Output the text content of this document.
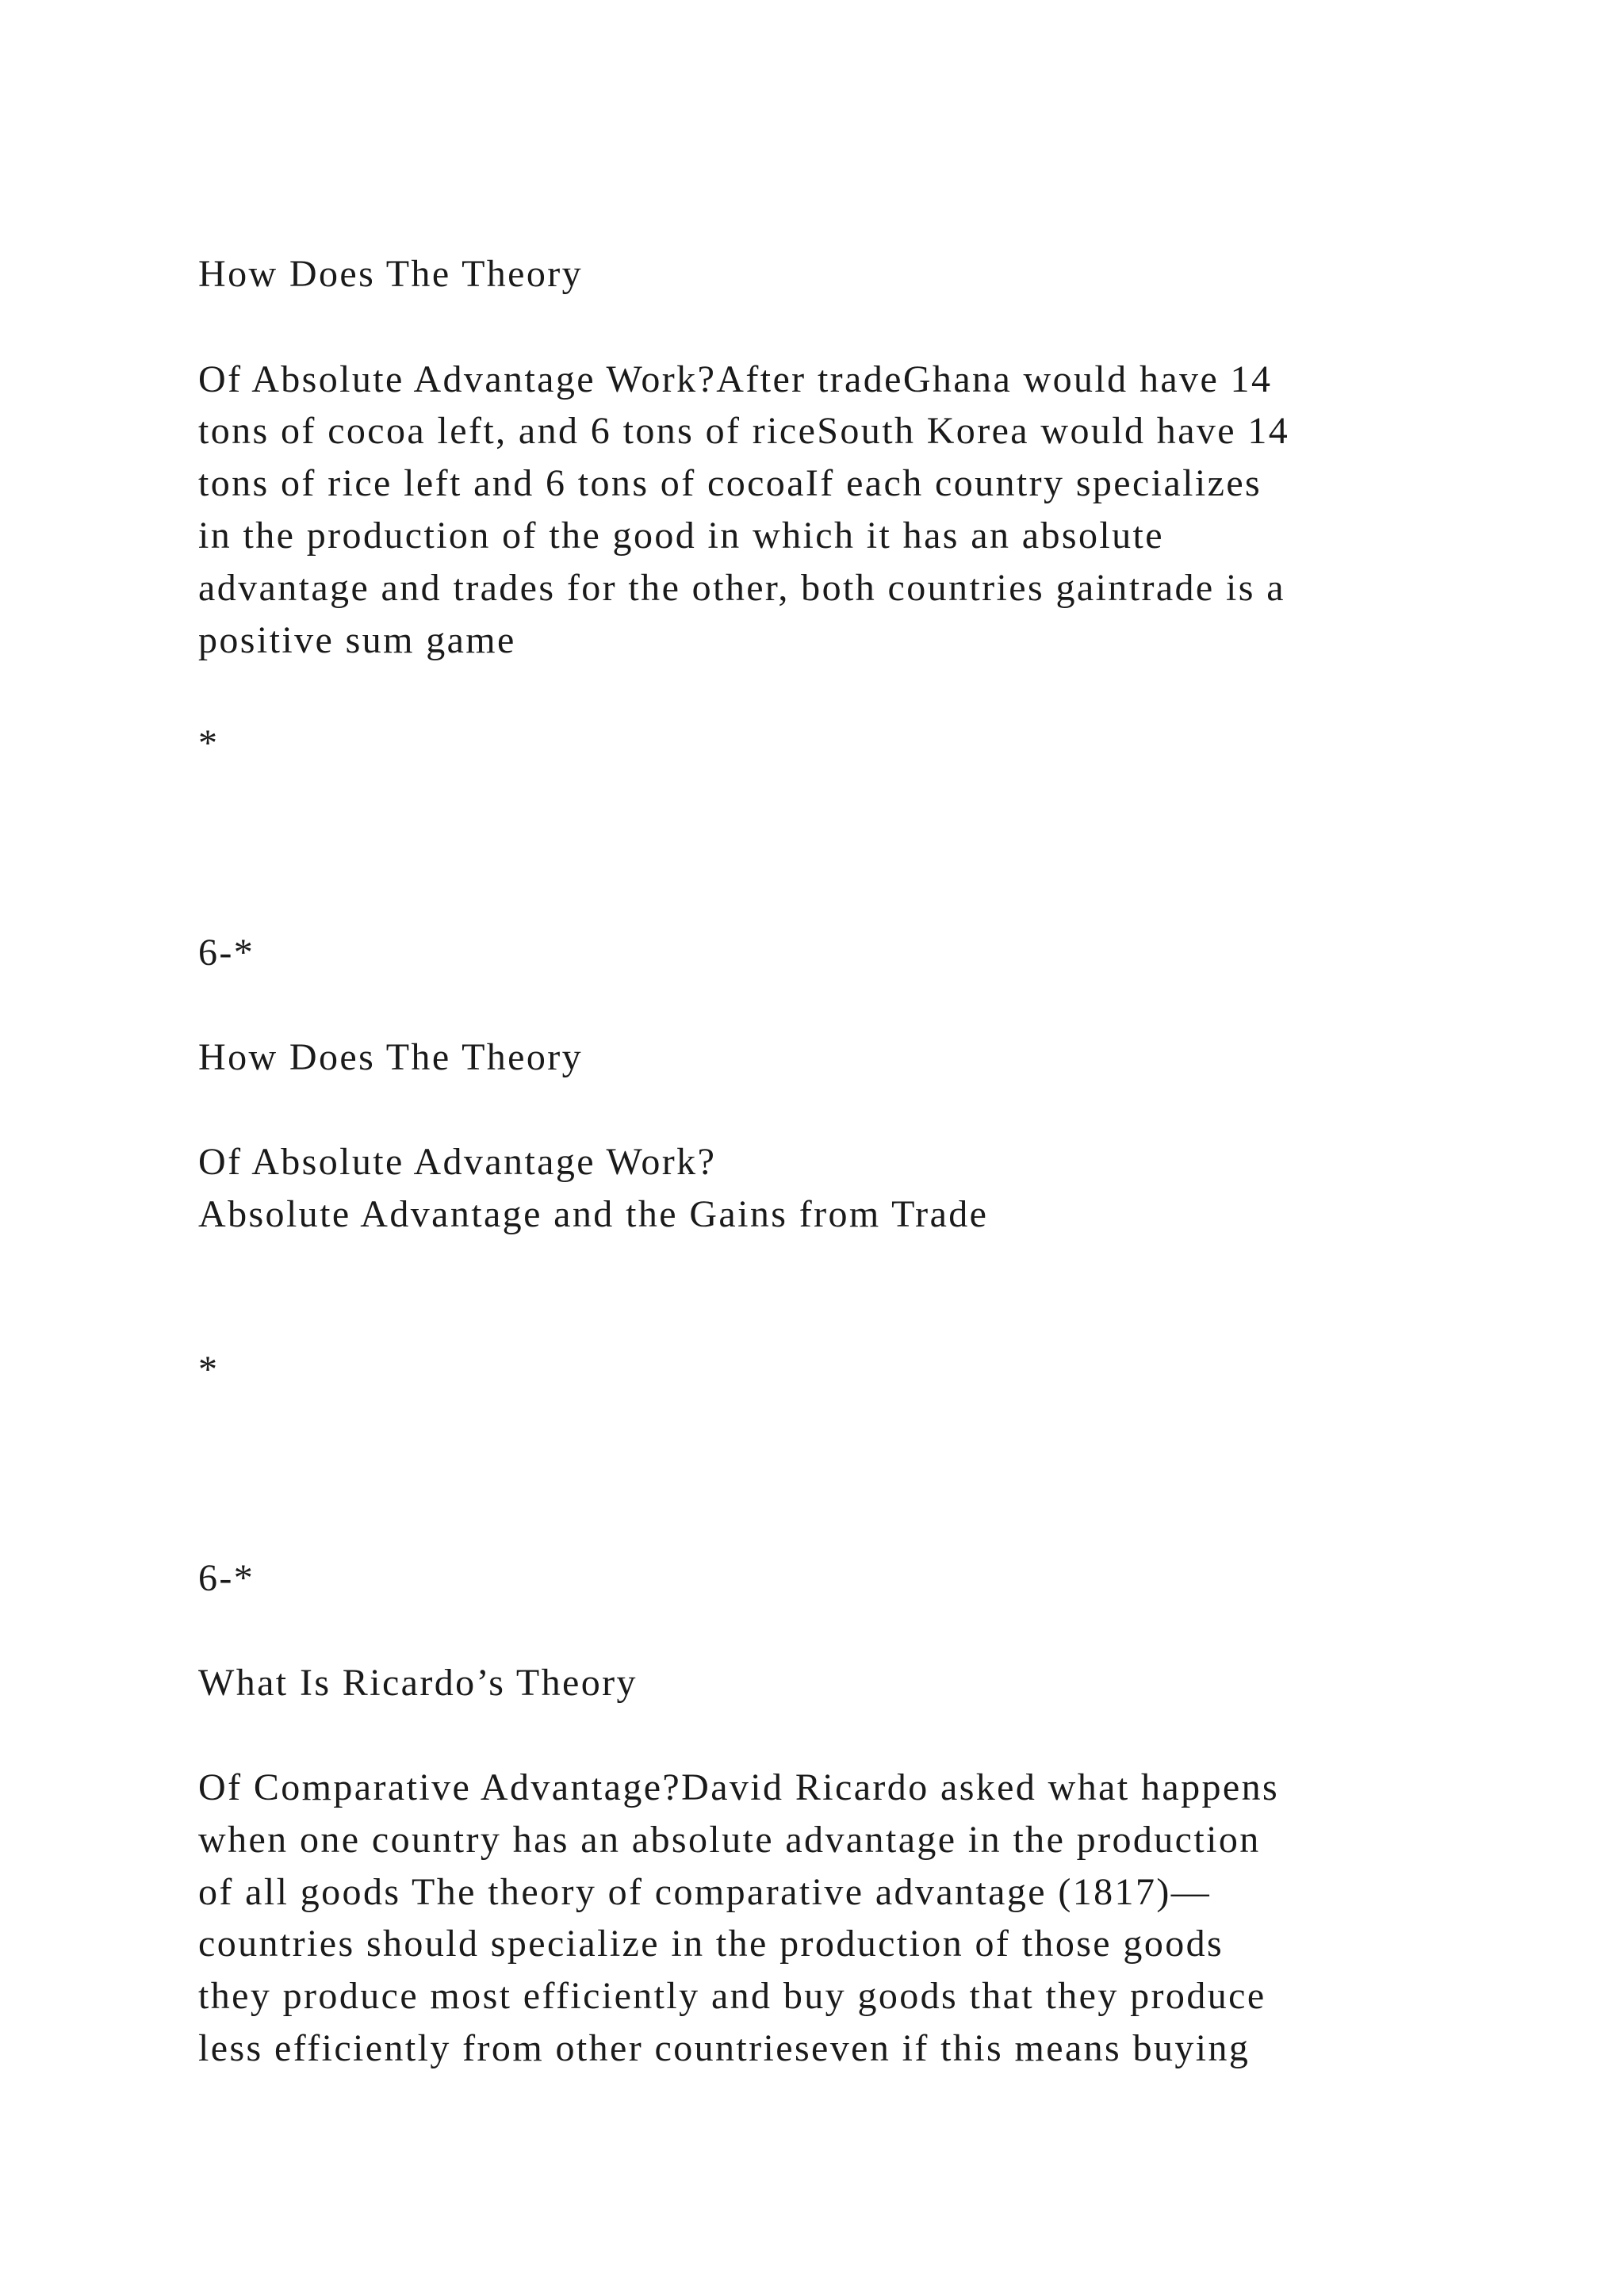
How Does The Theory
Of Absolute Advantage Work?After tradeGhana would have 14
tons of cocoa left, and 6 tons of riceSouth Korea would have 14
tons of rice left and 6 tons of cocoaIf each country specializes
in the production of the good in which it has an absolute
advantage and trades for the other, both countries gaintrade is a
positive sum game
*
6-*
How Does The Theory
Of Absolute Advantage Work?
Absolute Advantage and the Gains from Trade
*
6-*
What Is Ricardo’s Theory
Of Comparative Advantage?David Ricardo asked what happens
when one country has an absolute advantage in the production
of all goods The theory of comparative advantage (1817)—
countries should specialize in the production of those goods
they produce most efficiently and buy goods that they produce
less efficiently from other countrieseven if this means buying
